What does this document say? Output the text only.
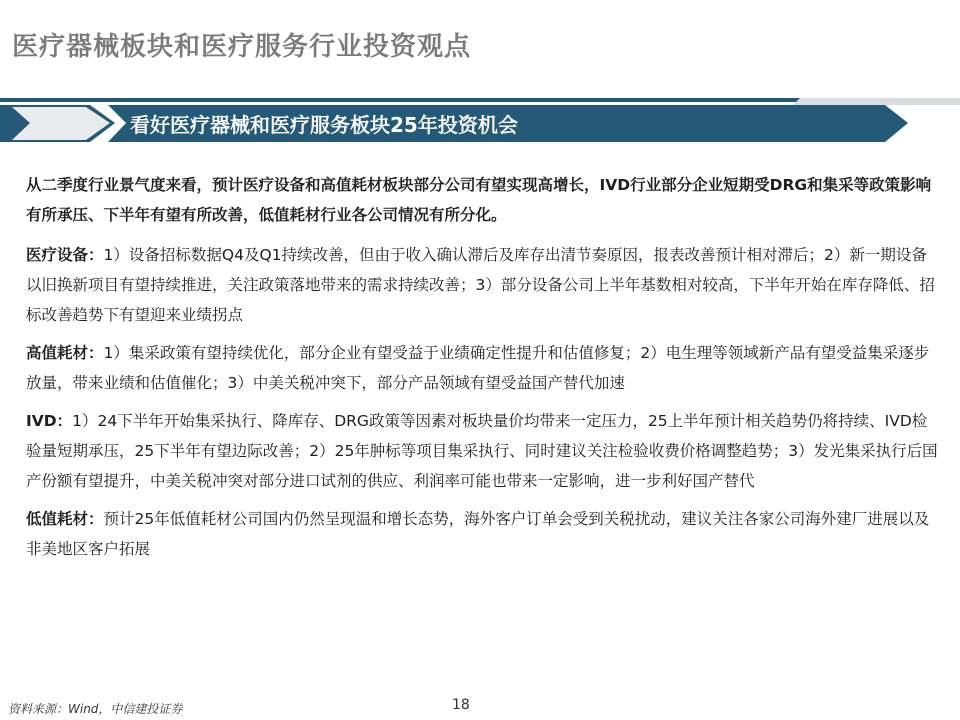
医疗器械板块和医疗服务行业投资观点
看好医疗器械和医疗服务板块25年投资机会

从二季度行业景气度来看，预计医疗设备和高值耗材板块部分公司有望实现高增长，IVD行业部分企业短期受DRG和集采等政策影响有所承压、下半年有望有所改善，低值耗材行业各公司情况有所分化。

医疗设备：1）设备招标数据Q4及Q1持续改善，但由于收入确认滞后及库存出清节奏原因，报表改善预计相对滞后；2）新一期设备以旧换新项目有望持续推进，关注政策落地带来的需求持续改善；3）部分设备公司上半年基数相对较高，下半年开始在库存降低、招标改善趋势下有望迎来业绩拐点

高值耗材：1）集采政策有望持续优化，部分企业有望受益于业绩确定性提升和估值修复；2）电生理等领域新产品有望受益集采逐步放量，带来业绩和估值催化；3）中美关税冲突下，部分产品领域有望受益国产替代加速

IVD：1）24下半年开始集采执行、降库存、DRG政策等因素对板块量价均带来一定压力，25上半年预计相关趋势仍将持续、IVD检验量短期承压，25下半年有望边际改善；2）25年肿标等项目集采执行、同时建议关注检验收费价格调整趋势；3）发光集采执行后国产份额有望提升，中美关税冲突对部分进口试剂的供应、利润率可能也带来一定影响，进一步利好国产替代

低值耗材：预计25年低值耗材公司国内仍然呈现温和增长态势，海外客户订单会受到关税扰动，建议关注各家公司海外建厂进展以及非美地区客户拓展

资料来源：Wind，中信建投证券	18
